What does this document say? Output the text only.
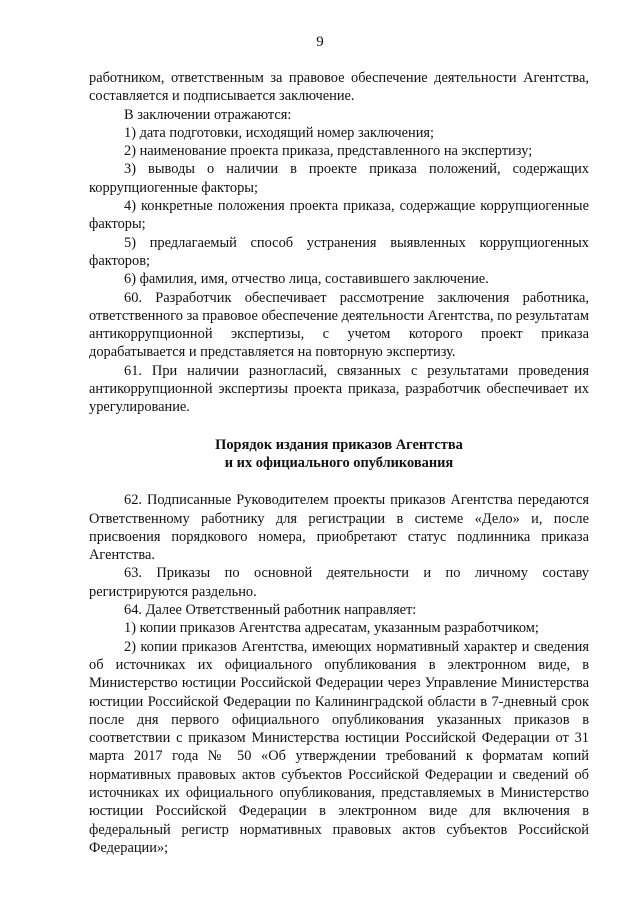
9

работником, ответственным за правовое обеспечение деятельности Агентства, составляется и подписывается заключение.

В заключении отражаются:

1) дата подготовки, исходящий номер заключения;

2) наименование проекта приказа, представленного на экспертизу;

3) выводы о наличии в проекте приказа положений, содержащих коррупциогенные факторы;

4) конкретные положения проекта приказа, содержащие коррупциогенные факторы;

5) предлагаемый способ устранения выявленных коррупциогенных факторов;

6) фамилия, имя, отчество лица, составившего заключение.

60. Разработчик обеспечивает рассмотрение заключения работника, ответственного за правовое обеспечение деятельности Агентства, по результатам антикоррупционной экспертизы, с учетом которого проект приказа дорабатывается и представляется на повторную экспертизу.

61. При наличии разногласий, связанных с результатами проведения антикоррупционной экспертизы проекта приказа, разработчик обеспечивает их урегулирование.

Порядок издания приказов Агентства

и их официального опубликования

62. Подписанные Руководителем проекты приказов Агентства передаются Ответственному работнику для регистрации в системе «Дело» и, после присвоения порядкового номера, приобретают статус подлинника приказа Агентства.

63. Приказы по основной деятельности и по личному составу регистрируются раздельно.

64. Далее Ответственный работник направляет:

1) копии приказов Агентства адресатам, указанным разработчиком;

2) копии приказов Агентства, имеющих нормативный характер и сведения об источниках их официального опубликования в электронном виде, в Министерство юстиции Российской Федерации через Управление Министерства юстиции Российской Федерации по Калининградской области в 7-дневный срок после дня первого официального опубликования указанных приказов в соответствии с приказом Министерства юстиции Российской Федерации от 31 марта 2017 года № 50 «Об утверждении требований к форматам копий нормативных правовых актов субъектов Российской Федерации и сведений об источниках их официального опубликования, представляемых в Министерство юстиции Российской Федерации в электронном виде для включения в федеральный регистр нормативных правовых актов субъектов Российской Федерации»;
